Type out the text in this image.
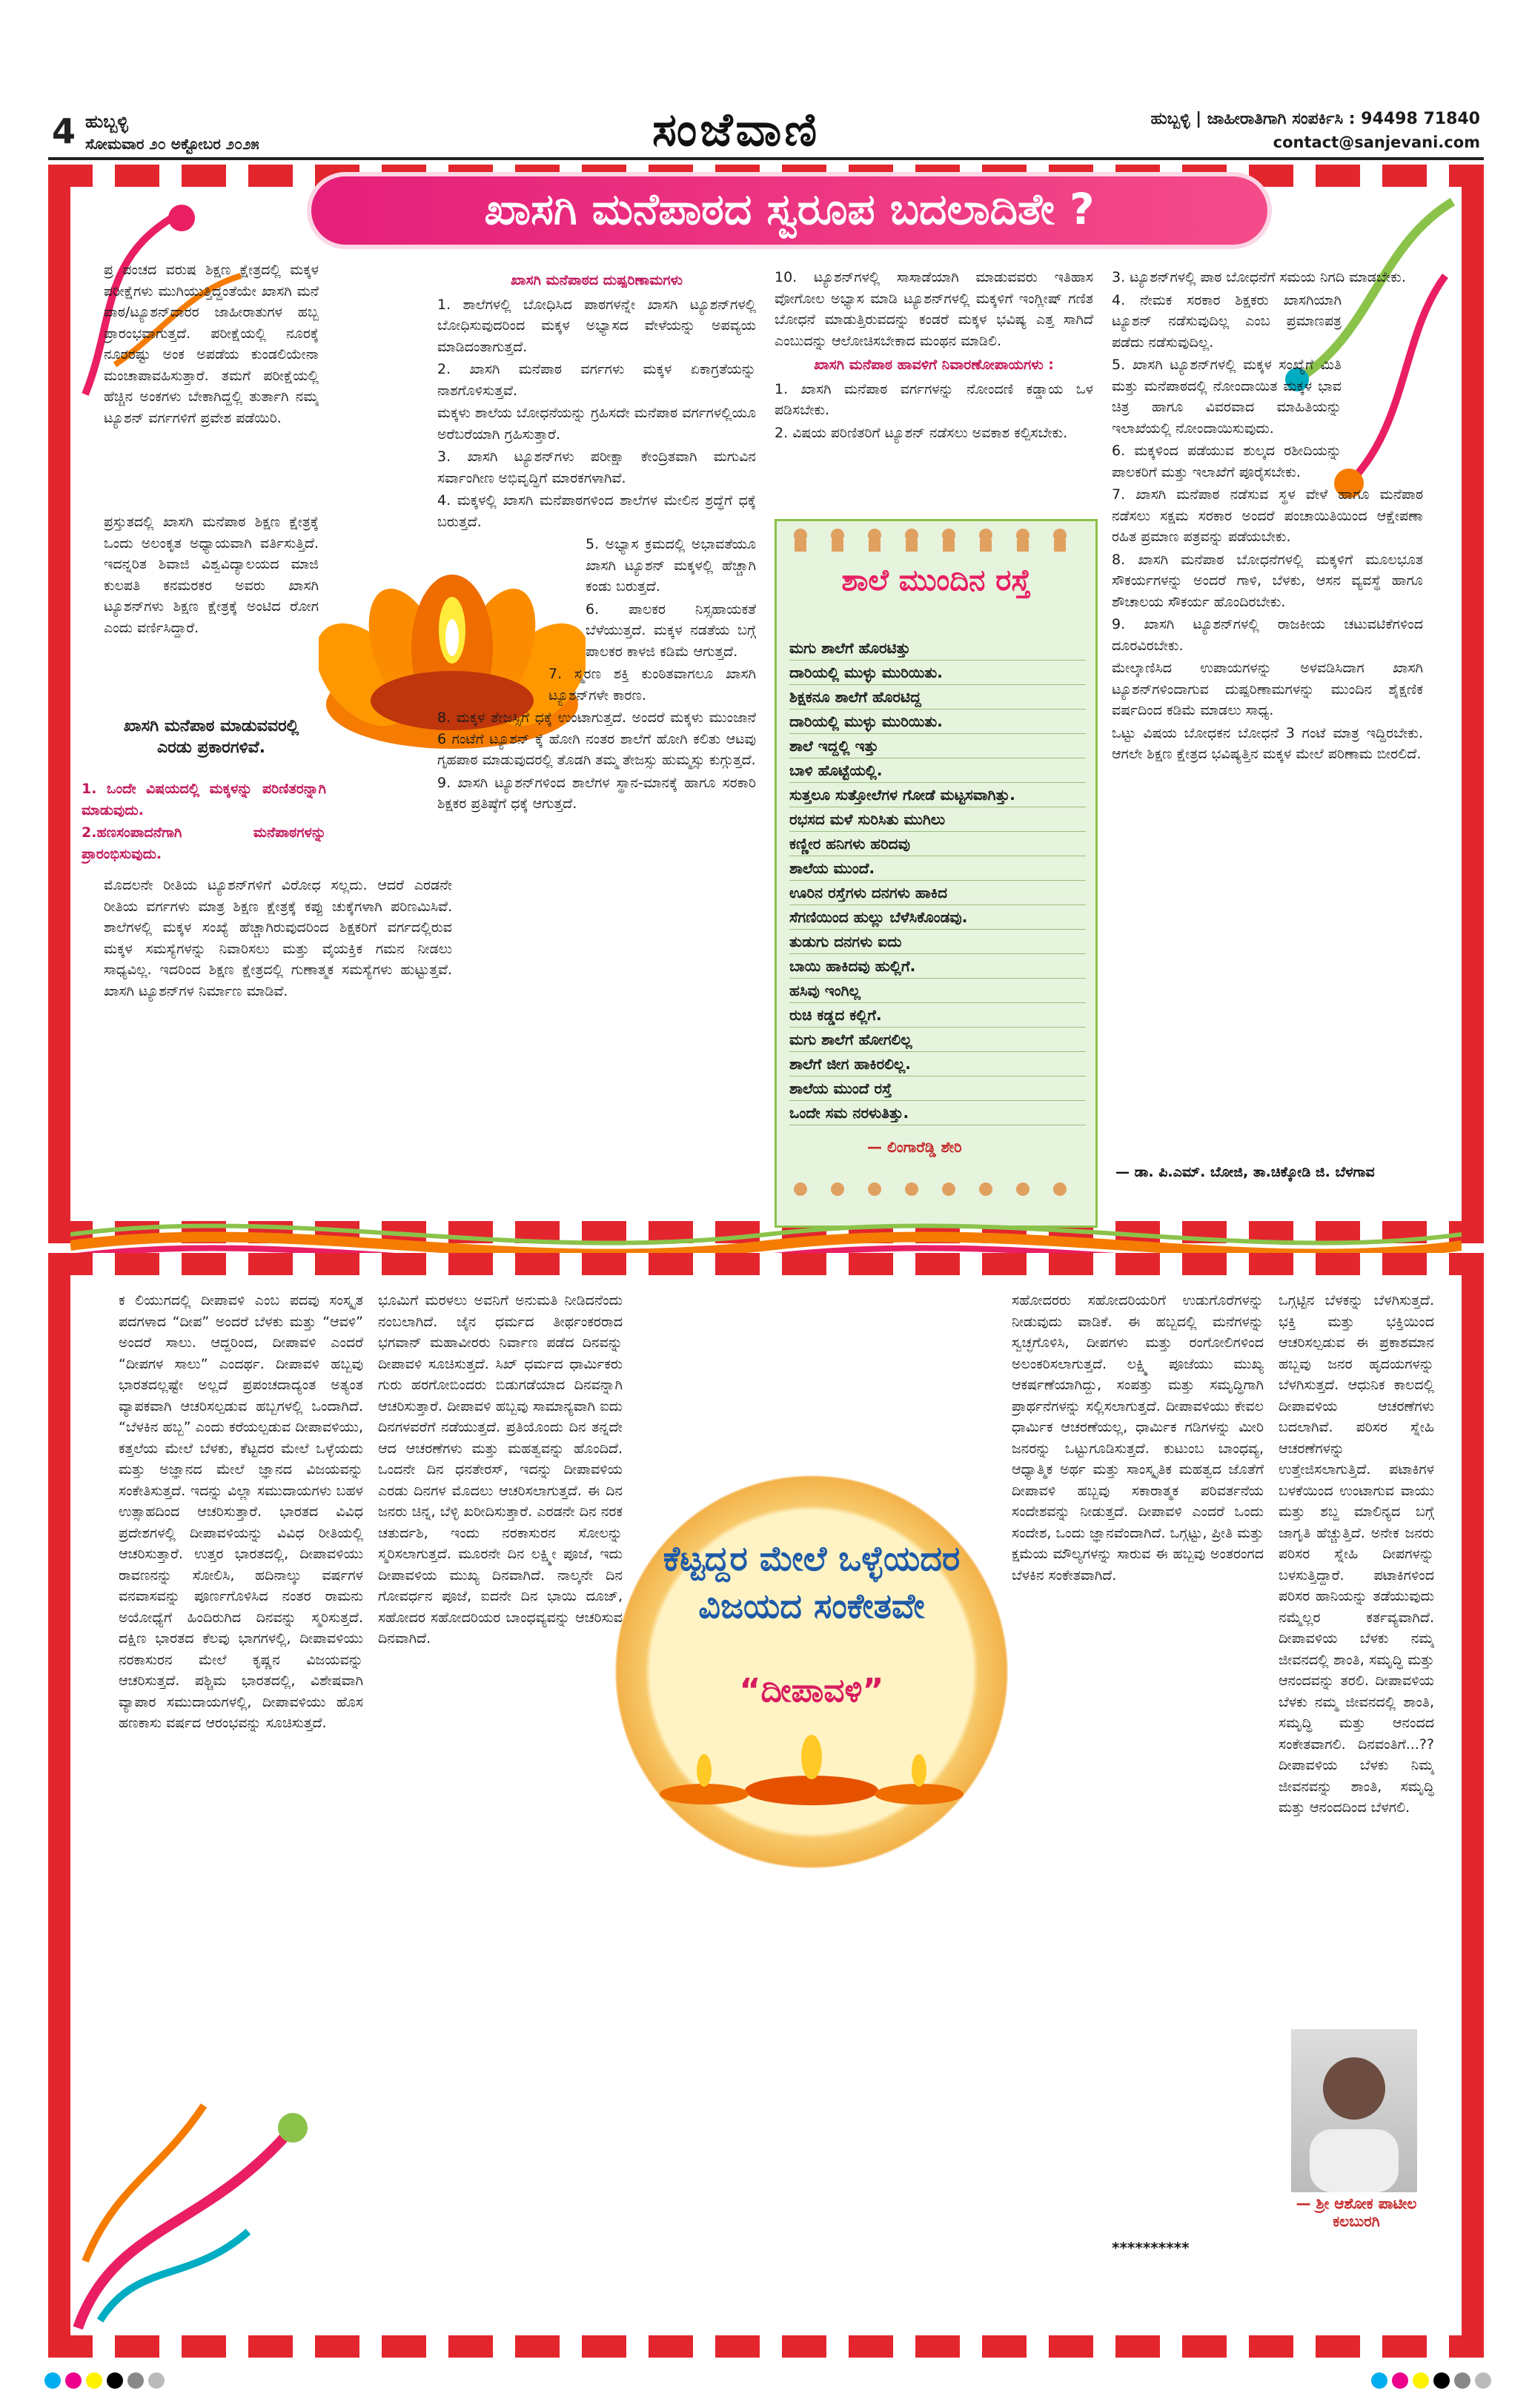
4 ಹುಬ್ಬಳ್ಳಿ
ಸೋಮವಾರ ೨೦ ಅಕ್ಟೋಬರ ೨೦೨೫	ಸಂಜೆವಾಣಿ	ಹುಬ್ಬಳ್ಳಿ | ಜಾಹೀರಾತಿಗಾಗಿ ಸಂಪರ್ಕಿಸಿ : 94498 71840
contact@sanjevani.com
ಖಾಸಗಿ ಮನೆಪಾಠದ ಸ್ವರೂಪ ಬದಲಾದಿತೇ ?

ಪ್ರ ಪಂಚದ ವರುಷ ಶಿಕ್ಷಣ ಕ್ಷೇತ್ರದಲ್ಲಿ ಮಕ್ಕಳ ಪರೀಕ್ಷೆಗಳು ಮುಗಿಯುತ್ತಿದ್ದಂತೆಯೇ ಖಾಸಗಿ ಮನೆ ಪಾಠ/ಟ್ಯೂಶನ್‌ದಾರರ ಜಾಹೀರಾತುಗಳ ಹಬ್ಬ ಪ್ರಾರಂಭವಾಗುತ್ತದೆ. ಪರೀಕ್ಷೆಯಲ್ಲಿ ನೂರಕ್ಕೆ ನೂರರಷ್ಟು ಅಂಕ ಅಪಡೆಯ ಕುಂಡಲಿಯೇನಾ ಮಂಚಾಪಾವಹಿಸುತ್ತಾರೆ. ತಮಗೆ ಪರೀಕ್ಷೆಯಲ್ಲಿ ಹೆಚ್ಚಿನ ಅಂಕಗಳು ಬೇಕಾಗಿದ್ದಲ್ಲಿ ತುರ್ತಾಗಿ ನಮ್ಮ ಟ್ಯೂಶನ್ ವರ್ಗಗಳಿಗೆ ಪ್ರವೇಶ ಪಡೆಯಿರಿ.

ಪ್ರಸ್ತುತದಲ್ಲಿ ಖಾಸಗಿ ಮನೆಪಾಠ ಶಿಕ್ಷಣ ಕ್ಷೇತ್ರಕ್ಕೆ ಒಂದು ಅಲಂಕೃತ ಅಧ್ಯಾಯವಾಗಿ ವರ್ತಿಸುತ್ತಿದೆ. ಇದನ್ನರಿತ ಶಿವಾಜಿ ವಿಶ್ವವಿದ್ಯಾಲಯದ ಮಾಜಿ ಕುಲಪತಿ ಕನಮರಕರ ಅವರು ಖಾಸಗಿ ಟ್ಯೂಶನ್‌ಗಳು ಶಿಕ್ಷಣ ಕ್ಷೇತ್ರಕ್ಕೆ ಅಂಟಿದ ರೋಗ ಎಂದು ವರ್ಣಿಸಿದ್ದಾರೆ.

ಖಾಸಗಿ ಮನೆಪಾಠ ಮಾಡುವವರಲ್ಲಿ ಎರಡು ಪ್ರಕಾರಗಳಿವೆ.

1. ಒಂದೇ ವಿಷಯದಲ್ಲಿ ಮಕ್ಕಳನ್ನು ಪರಿಣಿತರನ್ನಾಗಿ ಮಾಡುವುದು.

2.ಹಣಸಂಪಾದನೆಗಾಗಿ ಮನೆಪಾಠಗಳನ್ನು ಪ್ರಾರಂಭಿಸುವುದು.

ಮೊದಲನೇ ರೀತಿಯ ಟ್ಯೂಶನ್‌ಗಳಿಗೆ ವಿರೋಧ ಸಲ್ಲದು. ಆದರೆ ಎರಡನೇ ರೀತಿಯ ವರ್ಗಗಳು ಮಾತ್ರ ಶಿಕ್ಷಣ ಕ್ಷೇತ್ರಕ್ಕೆ ಕಪ್ಪು ಚುಕ್ಕೆಗಳಾಗಿ ಪರಿಣಮಿಸಿವೆ. ಶಾಲೆಗಳಲ್ಲಿ ಮಕ್ಕಳ ಸಂಖ್ಯೆ ಹೆಚ್ಚಾಗಿರುವುದರಿಂದ ಶಿಕ್ಷಕರಿಗೆ ವರ್ಗದಲ್ಲಿರುವ ಮಕ್ಕಳ ಸಮಸ್ಯೆಗಳನ್ನು ನಿವಾರಿಸಲು ಮತ್ತು ವೈಯಕ್ತಿಕ ಗಮನ ನೀಡಲು ಸಾಧ್ಯವಿಲ್ಲ. ಇದರಿಂದ ಶಿಕ್ಷಣ ಕ್ಷೇತ್ರದಲ್ಲಿ ಗುಣಾತ್ಮಕ ಸಮಸ್ಯೆಗಳು ಹುಟ್ಟುತ್ತವೆ. ಖಾಸಗಿ ಟ್ಯೂಶನ್‌ಗಳ ನಿರ್ಮಾಣ ಮಾಡಿವೆ.

ಖಾಸಗಿ ಮನೆಪಾಠದ ದುಷ್ಪರಿಣಾಮಗಳು

1. ಶಾಲೆಗಳಲ್ಲಿ ಬೋಧಿಸಿದ ಪಾಠಗಳನ್ನೇ ಖಾಸಗಿ ಟ್ಯೂಶನ್‌ಗಳಲ್ಲಿ ಬೋಧಿಸುವುದರಿಂದ ಮಕ್ಕಳ ಅಭ್ಯಾಸದ ವೇಳೆಯನ್ನು ಅಪವ್ಯಯ ಮಾಡಿದಂತಾಗುತ್ತದೆ.

2. ಖಾಸಗಿ ಮನೆಪಾಠ ವರ್ಗಗಳು ಮಕ್ಕಳ ಏಕಾಗ್ರತೆಯನ್ನು ನಾಶಗೊಳಿಸುತ್ತವೆ.

ಮಕ್ಕಳು ಶಾಲೆಯ ಬೋಧನೆಯನ್ನು ಗ್ರಹಿಸದೇ ಮನೆಪಾಠ ವರ್ಗಗಳಲ್ಲಿಯೂ ಅರೆಬರೆಯಾಗಿ ಗ್ರಹಿಸುತ್ತಾರೆ.

3. ಖಾಸಗಿ ಟ್ಯೂಶನ್‌ಗಳು ಪರೀಕ್ಷಾ ಕೇಂದ್ರಿತವಾಗಿ ಮಗುವಿನ ಸರ್ವಾಂಗೀಣ ಅಭಿವೃದ್ಧಿಗೆ ಮಾರಕಗಳಾಗಿವೆ.

4. ಮಕ್ಕಳಲ್ಲಿ ಖಾಸಗಿ ಮನೆಪಾಠಗಳಿಂದ ಶಾಲೆಗಳ ಮೇಲಿನ ಶ್ರದ್ಧೆಗೆ ಧಕ್ಕೆ ಬರುತ್ತದೆ.

5. ಅಭ್ಯಾಸ ಕ್ರಮದಲ್ಲಿ ಅಭಾವತೆಯೂ ಖಾಸಗಿ ಟ್ಯೂಶನ್ ಮಕ್ಕಳಲ್ಲಿ ಹೆಚ್ಚಾಗಿ ಕಂಡು ಬರುತ್ತದೆ.

6. ಪಾಲಕರ ನಿಸ್ಸಹಾಯಕತೆ ಬೆಳೆಯುತ್ತದೆ. ಮಕ್ಕಳ ನಡತೆಯ ಬಗ್ಗೆ ಪಾಲಕರ ಕಾಳಜಿ ಕಡಿಮೆ ಆಗುತ್ತದೆ.

7. ಸ್ಮರಣ ಶಕ್ತಿ ಕುಂಠಿತವಾಗಲೂ ಖಾಸಗಿ ಟ್ಯೂಶನ್‌ಗಳೇ ಕಾರಣ.

8. ಮಕ್ಕಳ ತೇಜಸ್ಸಿಗೆ ಧಕ್ಕೆ ಉಂಟಾಗುತ್ತದೆ. ಅಂದರೆ ಮಕ್ಕಳು ಮುಂಜಾನೆ 6 ಗಂಟೆಗೆ ಟ್ಯೂಶನ್ ಕ್ಕೆ ಹೋಗಿ ನಂತರ ಶಾಲೆಗೆ ಹೋಗಿ ಕಲಿತು ಆಟವು ಗೃಹಪಾಠ ಮಾಡುವುದರಲ್ಲಿ ತೊಡಗಿ ತಮ್ಮ ತೇಜಸ್ಸು ಹುಮ್ಮಸ್ಸು ಕುಗ್ಗುತ್ತದೆ.

9. ಖಾಸಗಿ ಟ್ಯೂಶನ್‌ಗಳಿಂದ ಶಾಲೆಗಳ ಸ್ಥಾನ-ಮಾನಕ್ಕೆ ಹಾಗೂ ಸರಕಾರಿ ಶಿಕ್ಷಕರ ಪ್ರತಿಷ್ಠೆಗೆ ಧಕ್ಕೆ ಆಗುತ್ತದೆ.

10. ಟ್ಯೂಶನ್‌ಗಳಲ್ಲಿ ಸಾಸಾಡೆಯಾಗಿ ಮಾಡುವವರು ಇತಿಹಾಸ ವೋಗೋಲ ಅಭ್ಯಾಸ ಮಾಡಿ ಟ್ಯೂಶನ್‌ಗಳಲ್ಲಿ ಮಕ್ಕಳಿಗೆ ಇಂಗ್ಲೀಷ್ ಗಣಿತ ಬೋಧನೆ ಮಾಡುತ್ತಿರುವದನ್ನು ಕಂಡರೆ ಮಕ್ಕಳ ಭವಿಷ್ಯ ಎತ್ತ ಸಾಗಿದೆ ಎಂಬುದನ್ನು ಆಲೋಚಿಸಬೇಕಾದ ಮಂಥನ ಮಾಡಿಲಿ.

ಖಾಸಗಿ ಮನೆಪಾಠ ಹಾವಳಿಗೆ ನಿವಾರಣೋಪಾಯಗಳು :

1. ಖಾಸಗಿ ಮನೆಪಾಠ ವರ್ಗಗಳನ್ನು ನೋಂದಣಿ ಕಡ್ಡಾಯ ಒಳ ಪಡಿಸಬೇಕು.

2. ವಿಷಯ ಪರಿಣಿತರಿಗೆ ಟ್ಯೂಶನ್ ನಡೆಸಲು ಅವಕಾಶ ಕಲ್ಪಿಸಬೇಕು.

ಶಾಲೆ ಮುಂದಿನ ರಸ್ತೆ
ಮಗು ಶಾಲೆಗೆ ಹೊರಟಿತ್ತು
ದಾರಿಯಲ್ಲಿ ಮುಳ್ಳು ಮುರಿಯಿತು.
ಶಿಕ್ಷಕನೂ ಶಾಲೆಗೆ ಹೊರಟಿದ್ದ
ದಾರಿಯಲ್ಲಿ ಮುಳ್ಳು ಮುರಿಯಿತು.
ಶಾಲೆ ಇದ್ದಲ್ಲಿ ಇತ್ತು
ಬಾಳಿ ಹೊಟ್ಟೆಯಲ್ಲಿ.
ಸುತ್ತಲೂ ಸುತ್ತೋಲೆಗಳ ಗೋಡೆ ಮಟ್ಟಸವಾಗಿತ್ತು.
ರಭಸದ ಮಳೆ ಸುರಿಸಿತು ಮುಗಿಲು
ಕಣ್ಣೀರ ಹನಿಗಳು ಹರಿದವು
ಶಾಲೆಯ ಮುಂದೆ.
ಊರಿನ ರಸ್ತೆಗಳು ದನಗಳು ಹಾಕಿದ
ಸೆಗಣಿಯಿಂದ ಹುಲ್ಲು ಬೆಳೆಸಿಕೊಂಡವು.
ತುಡುಗು ದನಗಳು ಐದು
ಬಾಯಿ ಹಾಕಿದವು ಹುಲ್ಲಿಗೆ.
ಹಸಿವು ಇಂಗಿಲ್ಲ
ರುಚಿ ಕಡ್ಡದ ಕಲ್ಲಿಗೆ.
ಮಗು ಶಾಲೆಗೆ ಹೋಗಲಿಲ್ಲ
ಶಾಲೆಗೆ ಜೀಗ ಹಾಕಿರಲಿಲ್ಲ.
ಶಾಲೆಯ ಮುಂದೆ ರಸ್ತೆ
ಒಂದೇ ಸಮ ನರಳುತಿತ್ತು.
— ಲಿಂಗಾರೆಡ್ಡಿ ಶೇರಿ

3. ಟ್ಯೂಶನ್‌ಗಳಲ್ಲಿ ಪಾಠ ಬೋಧನೆಗೆ ಸಮಯ ನಿಗದಿ ಮಾಡಬೇಕು.

4. ನೇಮಕ ಸರಕಾರ ಶಿಕ್ಷಕರು ಖಾಸಗಿಯಾಗಿ ಟ್ಯೂಶನ್ ನಡೆಸುವುದಿಲ್ಲ ಎಂಬ ಪ್ರಮಾಣಪತ್ರ ಪಡೆದು ನಡೆಸುವುದಿಲ್ಲ.

5. ಖಾಸಗಿ ಟ್ಯೂಶನ್‌ಗಳಲ್ಲಿ ಮಕ್ಕಳ ಸಂಖ್ಯೆಗೆ ಮಿತಿ ಮತ್ತು ಮನೆಪಾಠದಲ್ಲಿ ನೋಂದಾಯಿತ ಮಕ್ಕಳ ಭಾವ ಚಿತ್ರ ಹಾಗೂ ವಿವರವಾದ ಮಾಹಿತಿಯನ್ನು ಇಲಾಖೆಯಲ್ಲಿ ನೋಂದಾಯಿಸುವುದು.

6. ಮಕ್ಕಳಿಂದ ಪಡೆಯುವ ಶುಲ್ಕದ ರಶೀದಿಯನ್ನು ಪಾಲಕರಿಗೆ ಮತ್ತು ಇಲಾಖೆಗೆ ಪೂರೈಸಬೇಕು.

7. ಖಾಸಗಿ ಮನೆಪಾಠ ನಡೆಸುವ ಸ್ಥಳ ವೇಳೆ ಹಾಗೂ ಮನೆಪಾಠ ನಡೆಸಲು ಸಕ್ಷಮ ಸರಕಾರ ಅಂದರೆ ಪಂಚಾಯಿತಿಯಿಂದ ಆಕ್ಷೇಪಣಾ ರಹಿತ ಪ್ರಮಾಣ ಪತ್ರವನ್ನು ಪಡೆಯಬೇಕು.

8. ಖಾಸಗಿ ಮನೆಪಾಠ ಬೋಧನೆಗಳಲ್ಲಿ ಮಕ್ಕಳಿಗೆ ಮೂಲಭೂತ ಸೌಕರ್ಯಗಳನ್ನು ಅಂದರೆ ಗಾಳಿ, ಬೆಳಕು, ಆಸನ ವ್ಯವಸ್ಥೆ ಹಾಗೂ ಶೌಚಾಲಯ ಸೌಕರ್ಯ ಹೊಂದಿರಬೇಕು.

9. ಖಾಸಗಿ ಟ್ಯೂಶನ್‌ಗಳಲ್ಲಿ ರಾಜಕೀಯ ಚಟುವಟಿಕೆಗಳಿಂದ ದೂರವಿರಬೇಕು.

ಮೇಲ್ಕಾಣಿಸಿದ ಉಪಾಯಗಳನ್ನು ಅಳವಡಿಸಿದಾಗ ಖಾಸಗಿ ಟ್ಯೂಶನ್‌ಗಳಿಂದಾಗುವ ದುಷ್ಪರಿಣಾಮಗಳನ್ನು ಮುಂದಿನ ಶೈಕ್ಷಣಿಕ ವರ್ಷದಿಂದ ಕಡಿಮೆ ಮಾಡಲು ಸಾಧ್ಯ.

ಒಟ್ಟು ವಿಷಯ ಬೋಧಕನ ಬೋಧನೆ 3 ಗಂಟೆ ಮಾತ್ರ ಇದ್ದಿರಬೇಕು. ಆಗಲೇ ಶಿಕ್ಷಣ ಕ್ಷೇತ್ರದ ಭವಿಷ್ಯತ್ತಿನ ಮಕ್ಕಳ ಮೇಲೆ ಪರಿಣಾಮ ಬೀರಲಿದೆ.

— ಡಾ. ಪಿ.ಎಮ್. ಬೋಜಿ, ತಾ.ಚಿಕ್ಕೋಡಿ ಜಿ. ಬೆಳಗಾವ

ಕ ಲಿಯುಗದಲ್ಲಿ ದೀಪಾವಳಿ ಎಂಬ ಪದವು ಸಂಸ್ಕೃತ ಪದಗಳಾದ “ದೀಪ” ಅಂದರೆ ಬೆಳಕು ಮತ್ತು “ಆವಳಿ” ಅಂದರೆ ಸಾಲು. ಆದ್ದರಿಂದ, ದೀಪಾವಳಿ ಎಂದರೆ “ದೀಪಗಳ ಸಾಲು” ಎಂದರ್ಥ. ದೀಪಾವಳಿ ಹಬ್ಬವು ಭಾರತದಲ್ಲಷ್ಟೇ ಅಲ್ಲದೆ ಪ್ರಪಂಚದಾದ್ಯಂತ ಅತ್ಯಂತ ವ್ಯಾಪಕವಾಗಿ ಆಚರಿಸಲ್ಪಡುವ ಹಬ್ಬಗಳಲ್ಲಿ ಒಂದಾಗಿದೆ. “ಬೆಳಕಿನ ಹಬ್ಬ” ಎಂದು ಕರೆಯಲ್ಪಡುವ ದೀಪಾವಳಿಯು, ಕತ್ತಲೆಯ ಮೇಲೆ ಬೆಳಕು, ಕೆಟ್ಟದರ ಮೇಲೆ ಒಳ್ಳೆಯದು ಮತ್ತು ಅಜ್ಞಾನದ ಮೇಲೆ ಜ್ಞಾನದ ವಿಜಯವನ್ನು ಸಂಕೇತಿಸುತ್ತದೆ. ಇದನ್ನು ವಿಲ್ಲಾ ಸಮುದಾಯಗಳು ಬಹಳ ಉತ್ಸಾಹದಿಂದ ಆಚರಿಸುತ್ತಾರೆ. ಭಾರತದ ವಿವಿಧ ಪ್ರದೇಶಗಳಲ್ಲಿ ದೀಪಾವಳಿಯನ್ನು ವಿವಿಧ ರೀತಿಯಲ್ಲಿ ಆಚರಿಸುತ್ತಾರೆ. ಉತ್ತರ ಭಾರತದಲ್ಲಿ, ದೀಪಾವಳಿಯು ರಾವಣನನ್ನು ಸೋಲಿಸಿ, ಹದಿನಾಲ್ಕು ವರ್ಷಗಳ ವನವಾಸವನ್ನು ಪೂರ್ಣಗೊಳಿಸಿದ ನಂತರ ರಾಮನು ಅಯೋಧ್ಯೆಗೆ ಹಿಂದಿರುಗಿದ ದಿನವನ್ನು ಸ್ಮರಿಸುತ್ತದೆ. ದಕ್ಷಿಣ ಭಾರತದ ಕೆಲವು ಭಾಗಗಳಲ್ಲಿ, ದೀಪಾವಳಿಯು ನರಕಾಸುರನ ಮೇಲೆ ಕೃಷ್ಣನ ವಿಜಯವನ್ನು ಆಚರಿಸುತ್ತದೆ. ಪಶ್ಚಿಮ ಭಾರತದಲ್ಲಿ, ವಿಶೇಷವಾಗಿ ವ್ಯಾಪಾರ ಸಮುದಾಯಗಳಲ್ಲಿ, ದೀಪಾವಳಿಯು ಹೊಸ ಹಣಕಾಸು ವರ್ಷದ ಆರಂಭವನ್ನು ಸೂಚಿಸುತ್ತದೆ.

ಭೂಮಿಗೆ ಮರಳಲು ಅವನಿಗೆ ಅನುಮತಿ ನೀಡಿದನೆಂದು ನಂಬಲಾಗಿದೆ. ಜೈನ ಧರ್ಮದ ತೀರ್ಥಂಕರರಾದ ಭಗವಾನ್ ಮಹಾವೀರರು ನಿರ್ವಾಣ ಪಡೆದ ದಿನವನ್ನು ದೀಪಾವಳಿ ಸೂಚಿಸುತ್ತದೆ. ಸಿಖ್ ಧರ್ಮದ ಧಾರ್ಮಿಕರು ಗುರು ಹರಗೋಬಿಂದರು ಬಿಡುಗಡೆಯಾದ ದಿನವನ್ನಾಗಿ ಆಚರಿಸುತ್ತಾರೆ. ದೀಪಾವಳಿ ಹಬ್ಬವು ಸಾಮಾನ್ಯವಾಗಿ ಐದು ದಿನಗಳವರೆಗೆ ನಡೆಯುತ್ತದೆ. ಪ್ರತಿಯೊಂದು ದಿನ ತನ್ನದೇ ಆದ ಆಚರಣೆಗಳು ಮತ್ತು ಮಹತ್ವವನ್ನು ಹೊಂದಿದೆ. ಒಂದನೇ ದಿನ ಧನತೇರಸ್, ಇದನ್ನು ದೀಪಾವಳಿಯ ಎರಡು ದಿನಗಳ ಮೊದಲು ಆಚರಿಸಲಾಗುತ್ತದೆ. ಈ ದಿನ ಜನರು ಚಿನ್ನ, ಬೆಳ್ಳಿ ಖರೀದಿಸುತ್ತಾರೆ. ಎರಡನೇ ದಿನ ನರಕ ಚತುರ್ದಶಿ, ಇಂದು ನರಕಾಸುರನ ಸೋಲನ್ನು ಸ್ಮರಿಸಲಾಗುತ್ತದೆ. ಮೂರನೇ ದಿನ ಲಕ್ಷ್ಮೀ ಪೂಜೆ, ಇದು ದೀಪಾವಳಿಯ ಮುಖ್ಯ ದಿನವಾಗಿದೆ. ನಾಲ್ಕನೇ ದಿನ ಗೋವರ್ಧನ ಪೂಜೆ, ಐದನೇ ದಿನ ಭಾಯಿ ದೂಜ್, ಸಹೋದರ ಸಹೋದರಿಯರ ಬಾಂಧವ್ಯವನ್ನು ಆಚರಿಸುವ ದಿನವಾಗಿದೆ.

ಸಹೋದರರು ಸಹೋದರಿಯರಿಗೆ ಉಡುಗೊರೆಗಳನ್ನು ನೀಡುವುದು ವಾಡಿಕೆ. ಈ ಹಬ್ಬದಲ್ಲಿ ಮನೆಗಳನ್ನು ಸ್ವಚ್ಛಗೊಳಿಸಿ, ದೀಪಗಳು ಮತ್ತು ರಂಗೋಲಿಗಳಿಂದ ಅಲಂಕರಿಸಲಾಗುತ್ತದೆ. ಲಕ್ಷ್ಮಿ ಪೂಜೆಯು ಮುಖ್ಯ ಆಕರ್ಷಣೆಯಾಗಿದ್ದು, ಸಂಪತ್ತು ಮತ್ತು ಸಮೃದ್ಧಿಗಾಗಿ ಪ್ರಾರ್ಥನೆಗಳನ್ನು ಸಲ್ಲಿಸಲಾಗುತ್ತದೆ. ದೀಪಾವಳಿಯು ಕೇವಲ ಧಾರ್ಮಿಕ ಆಚರಣೆಯಲ್ಲ, ಧಾರ್ಮಿಕ ಗಡಿಗಳನ್ನು ಮೀರಿ ಜನರನ್ನು ಒಟ್ಟುಗೂಡಿಸುತ್ತದೆ. ಕುಟುಂಬ ಬಾಂಧವ್ಯ, ಆಧ್ಯಾತ್ಮಿಕ ಅರ್ಥ ಮತ್ತು ಸಾಂಸ್ಕೃತಿಕ ಮಹತ್ವದ ಜೊತೆಗೆ ದೀಪಾವಳಿ ಹಬ್ಬವು ಸಕಾರಾತ್ಮಕ ಪರಿವರ್ತನೆಯ ಸಂದೇಶವನ್ನು ನೀಡುತ್ತದೆ. ದೀಪಾವಳಿ ಎಂದರೆ ಒಂದು ಸಂದೇಶ, ಒಂದು ಜ್ಞಾನವೆಂದಾಗಿದೆ. ಒಗ್ಗಟ್ಟು, ಪ್ರೀತಿ ಮತ್ತು ಕ್ಷಮೆಯ ಮೌಲ್ಯಗಳನ್ನು ಸಾರುವ ಈ ಹಬ್ಬವು ಅಂತರಂಗದ ಬೆಳಕಿನ ಸಂಕೇತವಾಗಿದೆ.

ಒಗ್ಗಟ್ಟಿನ ಬೆಳಕನ್ನು ಬೆಳಗಿಸುತ್ತದೆ. ಭಕ್ತಿ ಮತ್ತು ಭಕ್ತಿಯಿಂದ ಆಚರಿಸಲ್ಪಡುವ ಈ ಪ್ರಕಾಶಮಾನ ಹಬ್ಬವು ಜನರ ಹೃದಯಗಳನ್ನು ಬೆಳಗಿಸುತ್ತದೆ. ಆಧುನಿಕ ಕಾಲದಲ್ಲಿ ದೀಪಾವಳಿಯ ಆಚರಣೆಗಳು ಬದಲಾಗಿವೆ. ಪರಿಸರ ಸ್ನೇಹಿ ಆಚರಣೆಗಳನ್ನು ಉತ್ತೇಜಿಸಲಾಗುತ್ತಿದೆ. ಪಟಾಕಿಗಳ ಬಳಕೆಯಿಂದ ಉಂಟಾಗುವ ವಾಯು ಮತ್ತು ಶಬ್ದ ಮಾಲಿನ್ಯದ ಬಗ್ಗೆ ಜಾಗೃತಿ ಹೆಚ್ಚುತ್ತಿದೆ. ಅನೇಕ ಜನರು ಪರಿಸರ ಸ್ನೇಹಿ ದೀಪಗಳನ್ನು ಬಳಸುತ್ತಿದ್ದಾರೆ. ಪಟಾಕಿಗಳಿಂದ ಪರಿಸರ ಹಾನಿಯನ್ನು ತಡೆಯುವುದು ನಮ್ಮೆಲ್ಲರ ಕರ್ತವ್ಯವಾಗಿದೆ. ದೀಪಾವಳಿಯ ಬೆಳಕು ನಮ್ಮ ಜೀವನದಲ್ಲಿ ಶಾಂತಿ, ಸಮೃದ್ಧಿ ಮತ್ತು ಆನಂದವನ್ನು ತರಲಿ. ದೀಪಾವಳಿಯ ಬೆಳಕು ನಮ್ಮ ಜೀವನದಲ್ಲಿ ಶಾಂತಿ, ಸಮೃದ್ಧಿ ಮತ್ತು ಆನಂದದ ಸಂಕೇತವಾಗಲಿ. ದಿನವಂತಿಗೆ...?? ದೀಪಾವಳಿಯ ಬೆಳಕು ನಿಮ್ಮ ಜೀವನವನ್ನು ಶಾಂತಿ, ಸಮೃದ್ಧಿ ಮತ್ತು ಆನಂದದಿಂದ ಬೆಳಗಲಿ.

**********
ಕೆಟ್ಟದ್ದರ ಮೇಲೆ ಒಳ್ಳೆಯದರ ವಿಜಯದ ಸಂಕೇತವೇ
“ದೀಪಾವಳಿ”
— ಶ್ರೀ ಆಶೋಕ ಪಾಟೀಲ ಕಲಬುರಗಿ
